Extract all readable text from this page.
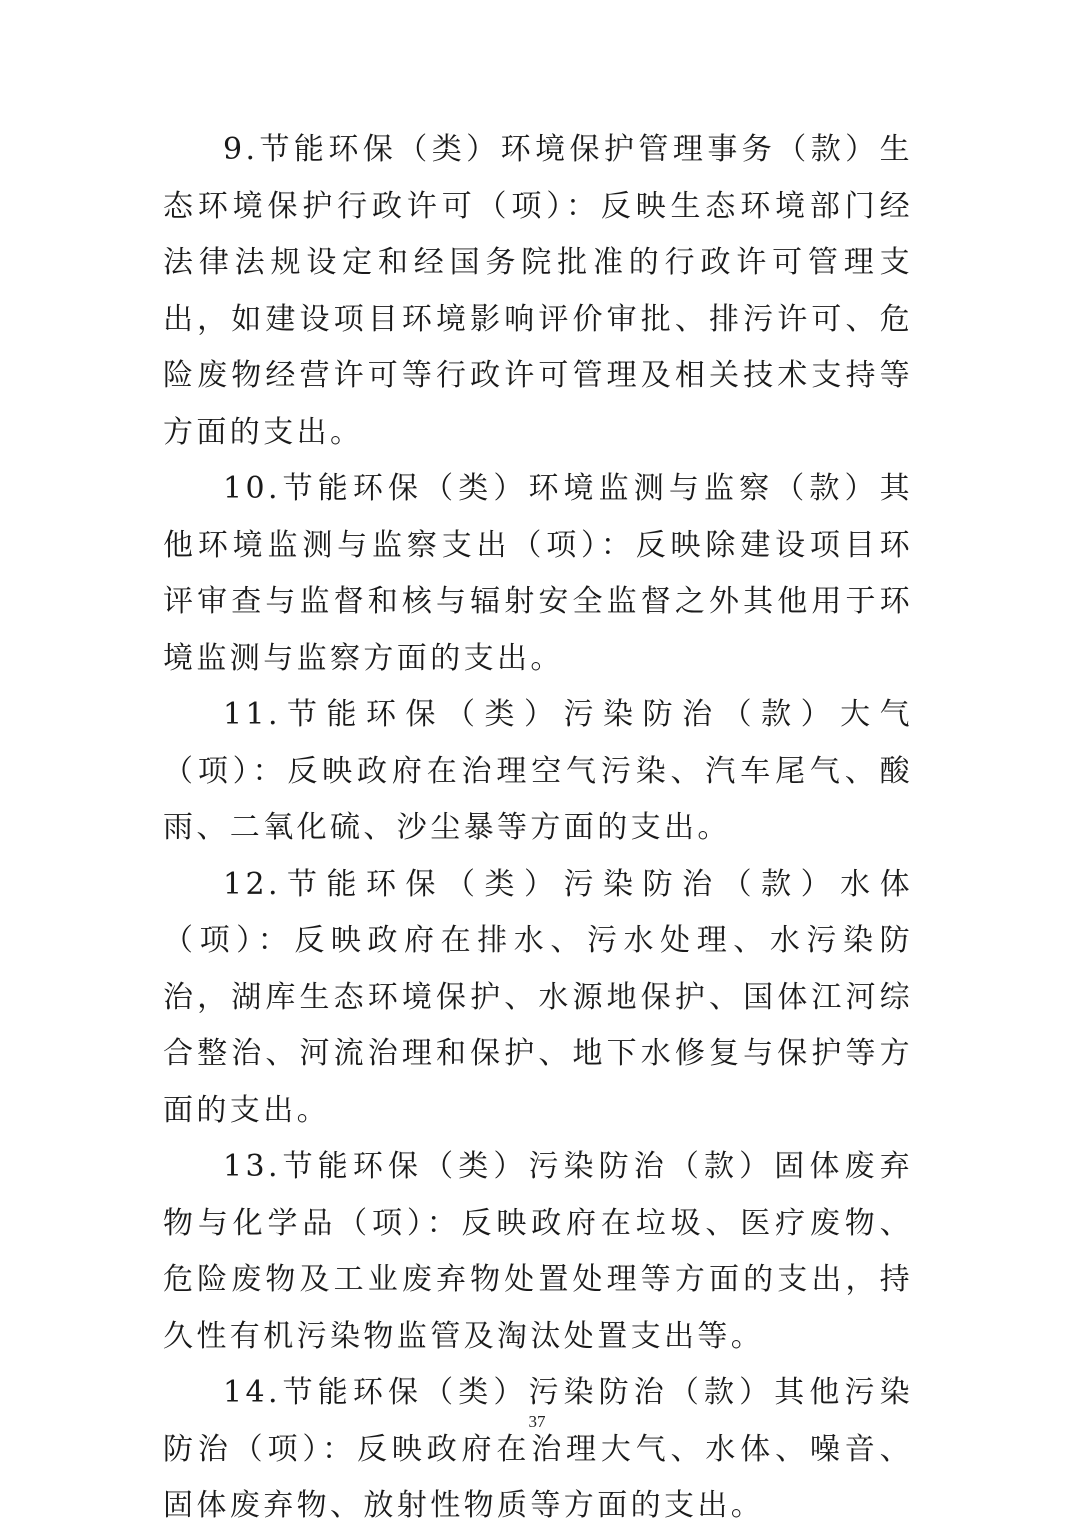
9.节能环保（类）环境保护管理事务（款）生态环境保护行政许可（项）：反映生态环境部门经法律法规设定和经国务院批准的行政许可管理支出，如建设项目环境影响评价审批、排污许可、危险废物经营许可等行政许可管理及相关技术支持等方面的支出。

10.节能环保（类）环境监测与监察（款）其他环境监测与监察支出（项）：反映除建设项目环评审查与监督和核与辐射安全监督之外其他用于环境监测与监察方面的支出。

11.节能环保（类）污染防治（款）大气（项）：反映政府在治理空气污染、汽车尾气、酸雨、二氧化硫、沙尘暴等方面的支出。

12.节能环保（类）污染防治（款）水体（项）：反映政府在排水、污水处理、水污染防治，湖库生态环境保护、水源地保护、国体江河综合整治、河流治理和保护、地下水修复与保护等方面的支出。

13.节能环保（类）污染防治（款）固体废弃物与化学品（项）：反映政府在垃圾、医疗废物、危险废物及工业废弃物处置处理等方面的支出，持久性有机污染物监管及淘汰处置支出等。

14.节能环保（类）污染防治（款）其他污染防治（项）：反映政府在治理大气、水体、噪音、固体废弃物、放射性物质等方面的支出。

37
